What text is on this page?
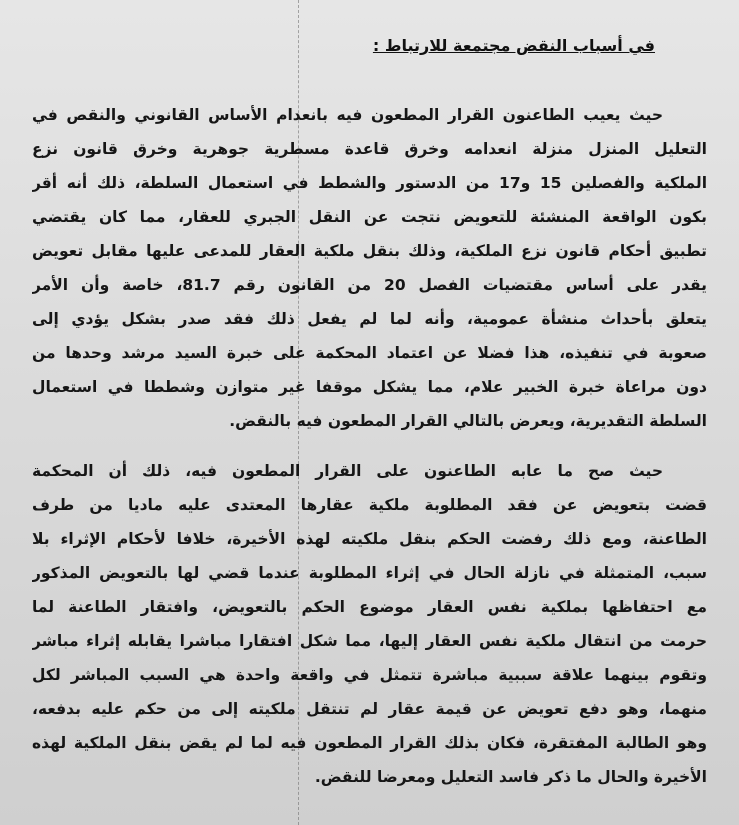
في أسباب النقض مجتمعة للارتباط :
حيث يعيب الطاعنون القرار المطعون فيه بانعدام الأساس القانوني والنقص في
التعليل المنزل منزلة انعدامه وخرق قاعدة مسطرية جوهرية وخرق قانون نزع
الملكية والفصلين 15 و17 من الدستور والشطط في استعمال السلطة، ذلك أنه أقر
بكون الواقعة المنشئة للتعويض نتجت عن النقل الجبري للعقار، مما كان يقتضي
تطبيق أحكام قانون نزع الملكية، وذلك بنقل ملكية العقار للمدعى عليها مقابل تعويض
يقدر على أساس مقتضيات الفصل 20 من القانون رقم 81.7، خاصة وأن الأمر
يتعلق بأحداث منشأة عمومية، وأنه لما لم يفعل ذلك فقد صدر بشكل يؤدي إلى
صعوبة في تنفيذه، هذا فضلا عن اعتماد المحكمة على خبرة السيد مرشد وحدها من
دون مراعاة خبرة الخبير علام، مما يشكل موقفا غير متوازن وشططا في استعمال
السلطة التقديرية، ويعرض بالتالي القرار المطعون فيه بالنقض.
حيث صح ما عابه الطاعنون على القرار المطعون فيه، ذلك أن المحكمة
قضت بتعويض عن فقد المطلوبة ملكية عقارها المعتدى عليه ماديا من طرف
الطاعنة، ومع ذلك رفضت الحكم بنقل ملكيته لهذه الأخيرة، خلافا لأحكام الإثراء بلا
سبب، المتمثلة في نازلة الحال في إثراء المطلوبة عندما قضي لها بالتعويض المذكور
مع احتفاظها بملكية نفس العقار موضوع الحكم بالتعويض، وافتقار الطاعنة لما
حرمت من انتقال ملكية نفس العقار إليها، مما شكل افتقارا مباشرا يقابله إثراء مباشر
وتقوم بينهما علاقة سببية مباشرة تتمثل في واقعة واحدة هي السبب المباشر لكل
منهما، وهو دفع تعويض عن قيمة عقار لم تنتقل ملكيته إلى من حكم عليه بدفعه،
وهو الطالبة المفتقرة، فكان بذلك القرار المطعون فيه لما لم يقض بنقل الملكية لهذه
الأخيرة والحال ما ذكر فاسد التعليل ومعرضا للنقض.
